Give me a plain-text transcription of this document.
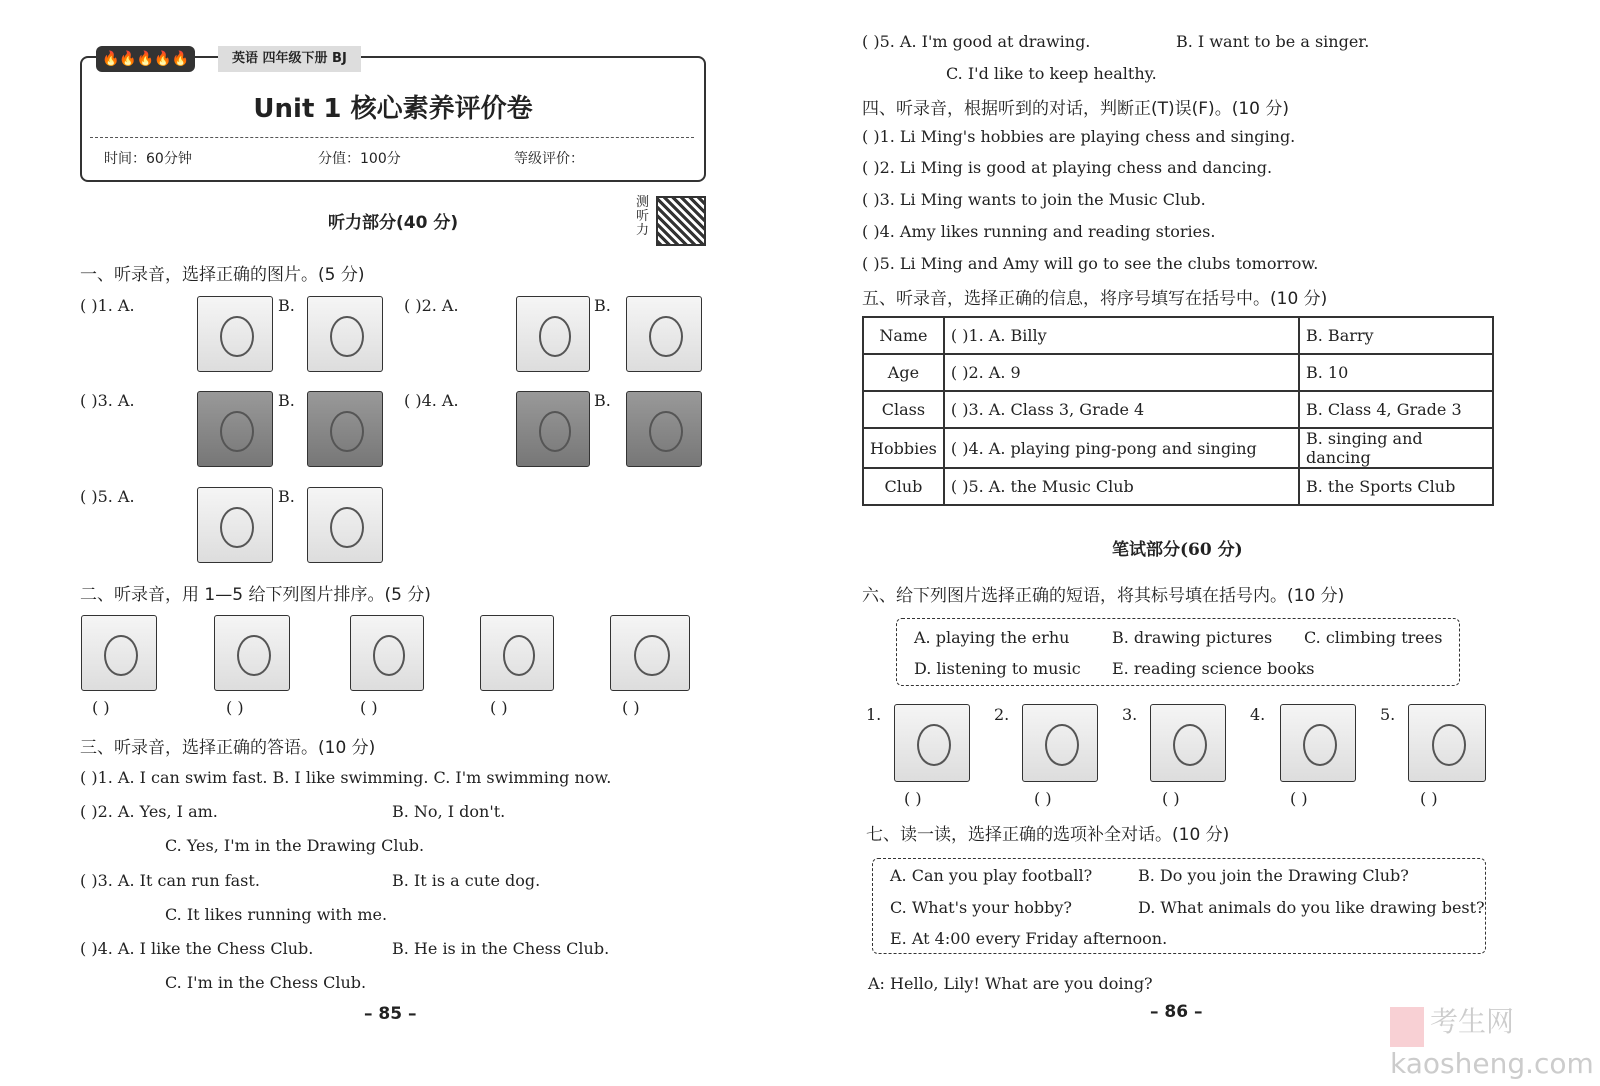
🔥🔥🔥🔥🔥	英语 四年级下册 BJ
Unit 1 核心素养评价卷
时间：60分钟	分值：100分	等级评价：
听力部分(40 分)
测听力
一、听录音，选择正确的图片。(5 分)
( )1. A.	( )2. A.
( )3. A.	( )4. A.
( )5. A.
B.	B.
B.	B.
B.
二、听录音，用 1—5 给下列图片排序。(5 分)
( )	( )	( )	( )	( )
三、听录音，选择正确的答语。(10 分)
( )1. A. I can swim fast. B. I like swimming. C. I'm swimming now.
( )2. A. Yes, I am.	B. No, I don't.
C. Yes, I'm in the Drawing Club.
( )3. A. It can run fast.	B. It is a cute dog.
C. It likes running with me.
( )4. A. I like the Chess Club.	B. He is in the Chess Club.
C. I'm in the Chess Club.
– 85 –
( )5. A. I'm good at drawing.	B. I want to be a singer.
C. I'd like to keep healthy.
四、听录音，根据听到的对话，判断正(T)误(F)。(10 分)
( )1. Li Ming's hobbies are playing chess and singing.
( )2. Li Ming is good at playing chess and dancing.
( )3. Li Ming wants to join the Music Club.
( )4. Amy likes running and reading stories.
( )5. Li Ming and Amy will go to see the clubs tomorrow.
五、听录音，选择正确的信息，将序号填写在括号中。(10 分)
Name	( )1. A. Billy	B. Barry
Age	( )2. A. 9	B. 10
Class	( )3. A. Class 3, Grade 4	B. Class 4, Grade 3
Hobbies	( )4. A. playing ping-pong and singing	B. singing and dancing
Club	( )5. A. the Music Club	B. the Sports Club
笔试部分(60 分)
六、给下列图片选择正确的短语，将其标号填在括号内。(10 分)
A. playing the erhu	B. drawing pictures C. climbing trees
D. listening to music E. reading science books
1.	2.	3.	4.	5.
( )	( )	( )	( )	( )
七、读一读，选择正确的选项补全对话。(10 分)
A. Can you play football?	B. Do you join the Drawing Club?
C. What's your hobby?	D. What animals do you like drawing best?
E. At 4:00 every Friday afternoon.
A: Hello, Lily! What are you doing?
– 86 –	考生网 kaosheng.com
